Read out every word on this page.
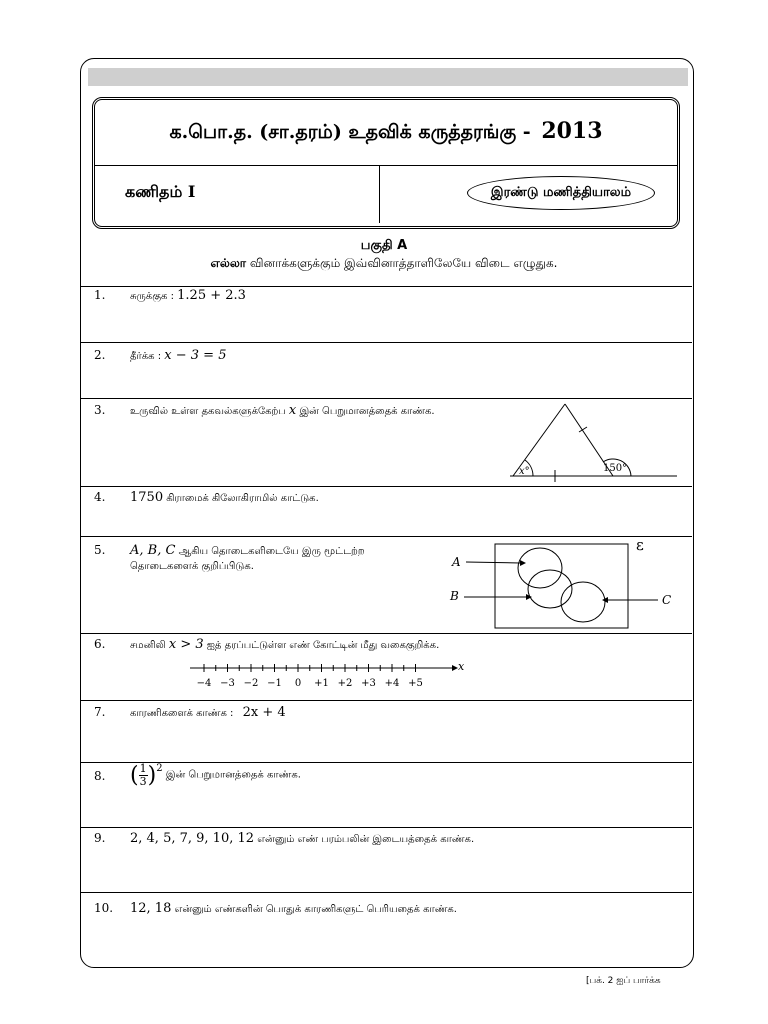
க.பொ.த. (சா.தரம்) உதவிக் கருத்தரங்கு - 2013
கணிதம் I	இரண்டு மணித்தியாலம்
பகுதி A
எல்லா வினாக்களுக்கும் இவ்வினாத்தாளிலேயே விடை எழுதுக.
1. சுருக்குக : 1.25 + 2.3
2. தீர்க்க : x − 3 = 5
3. உருவில் உள்ள தகவல்களுக்கேற்ப x இன் பெறுமானத்தைக் காண்க.
x°	150°
4. 1750 கிராமைக் கிலோகிராமில் காட்டுக.
5. A, B, C ஆகிய தொடைகளிடையே இரு மூட்டற்ற
தொடைகளைக் குறிப்பிடுக.
ε
A
B	C
6. சமனிலி x > 3 ஐத் தரப்பட்டுள்ள எண் கோட்டின் மீது வகைகுறிக்க.
x
−4 −3 −2 −1 0 +1 +2 +3 +4 +5
7. காரணிகளைக் காண்க : 2x + 4
8. ( $\frac{1}{3} )^2$ இன் பெறுமானத்தைக் காண்க.
9. 2, 4, 5, 7, 9, 10, 12 என்னும் எண் பரம்பலின் இடையத்தைக் காண்க.
10. 12, 18 என்னும் எண்களின் பொதுக் காரணிகளுட் பெரியதைக் காண்க.
[பக். 2 ஐப் பார்க்க
